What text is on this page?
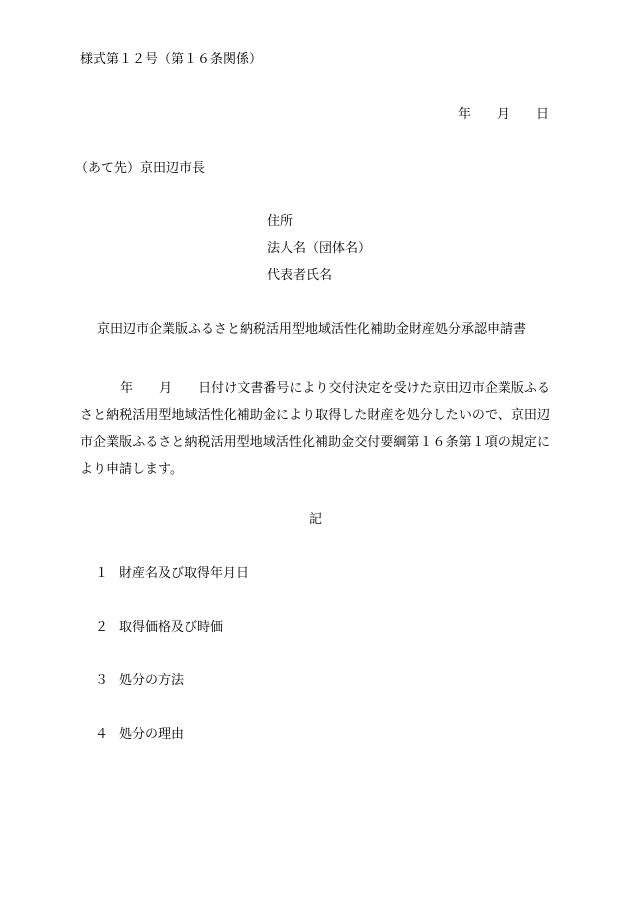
様式第１２号（第１６条関係）
年 月 日
（あて先）京田辺市長
住所
法人名（団体名）
代表者氏名
京田辺市企業版ふるさと納税活用型地域活性化補助金財産処分承認申請書
年 月 日付け文書番号により交付決定を受けた京田辺市企業版ふるさと納税活用型地域活性化補助金により取得した財産を処分したいので、京田辺市企業版ふるさと納税活用型地域活性化補助金交付要綱第１６条第１項の規定により申請します。
記
１ 財産名及び取得年月日
２ 取得価格及び時価
３ 処分の方法
４ 処分の理由
